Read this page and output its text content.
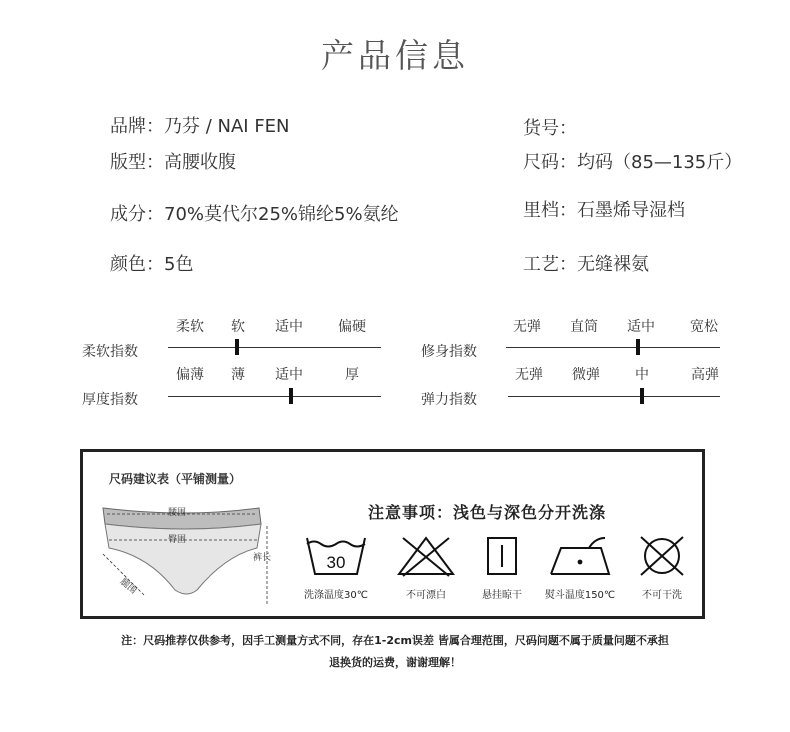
产品信息
品牌：乃芬 / NAI FEN	货号：
版型：高腰收腹	尺码：均码（85—135斤）
成分：70%莫代尔25%锦纶5%氨纶	里档：石墨烯导湿档
颜色：5色	工艺：无缝裸氨
柔软指数
柔软 软 适中	偏硬
厚度指数
偏薄 薄 适中	厚
修身指数
无弹 直筒 适中	宽松
弹力指数
无弹 微弹	中	高弹
尺码建议表（平铺测量）
腰围
臀围
腿围
裤长
注意事项：浅色与深色分开洗涤
30
洗涤温度30℃	不可漂白	悬挂晾干 熨斗温度150℃	不可干洗
注：尺码推荐仅供参考，因手工测量方式不同，存在1-2cm误差 皆属合理范围，尺码问题不属于质量问题不承担
退换货的运费，谢谢理解！
